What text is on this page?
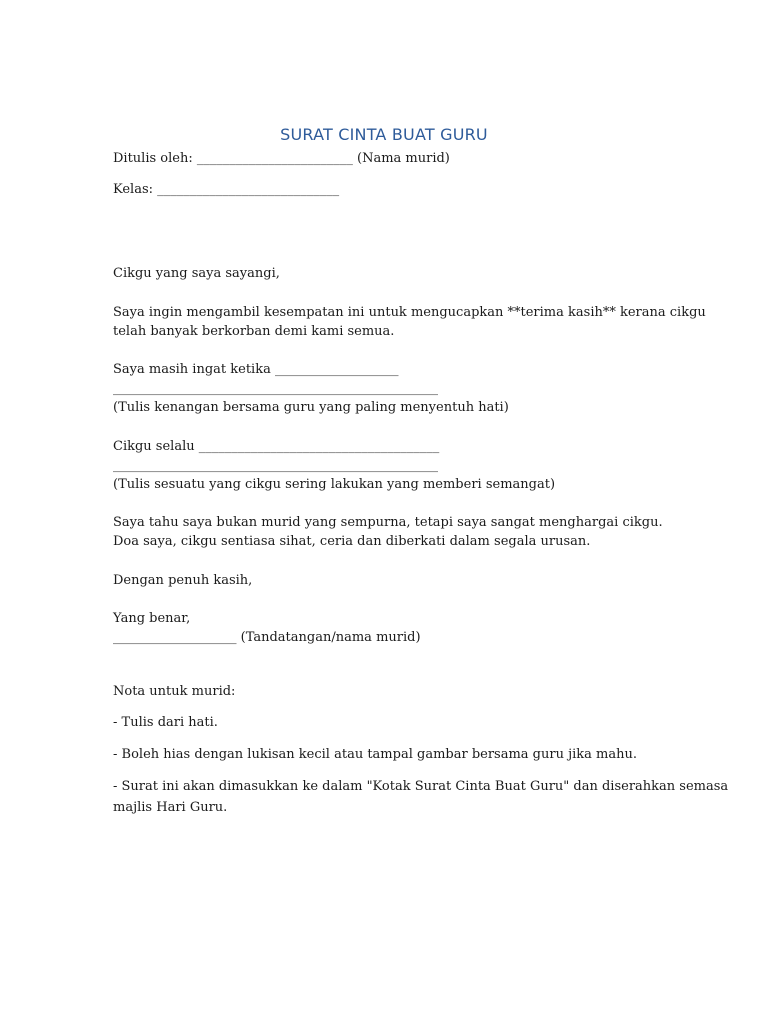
SURAT CINTA BUAT GURU
Ditulis oleh: ________________________ (Nama murid)
Kelas: ____________________________
Cikgu yang saya sayangi,
Saya ingin mengambil kesempatan ini untuk mengucapkan **terima kasih** kerana cikgu
telah banyak berkorban demi kami semua.
Saya masih ingat ketika ___________________
__________________________________________________
(Tulis kenangan bersama guru yang paling menyentuh hati)
Cikgu selalu _____________________________________
__________________________________________________
(Tulis sesuatu yang cikgu sering lakukan yang memberi semangat)
Saya tahu saya bukan murid yang sempurna, tetapi saya sangat menghargai cikgu.
Doa saya, cikgu sentiasa sihat, ceria dan diberkati dalam segala urusan.
Dengan penuh kasih,
Yang benar,
___________________ (Tandatangan/nama murid)
Nota untuk murid:
- Tulis dari hati.
- Boleh hias dengan lukisan kecil atau tampal gambar bersama guru jika mahu.
- Surat ini akan dimasukkan ke dalam "Kotak Surat Cinta Buat Guru" dan diserahkan semasa
majlis Hari Guru.
